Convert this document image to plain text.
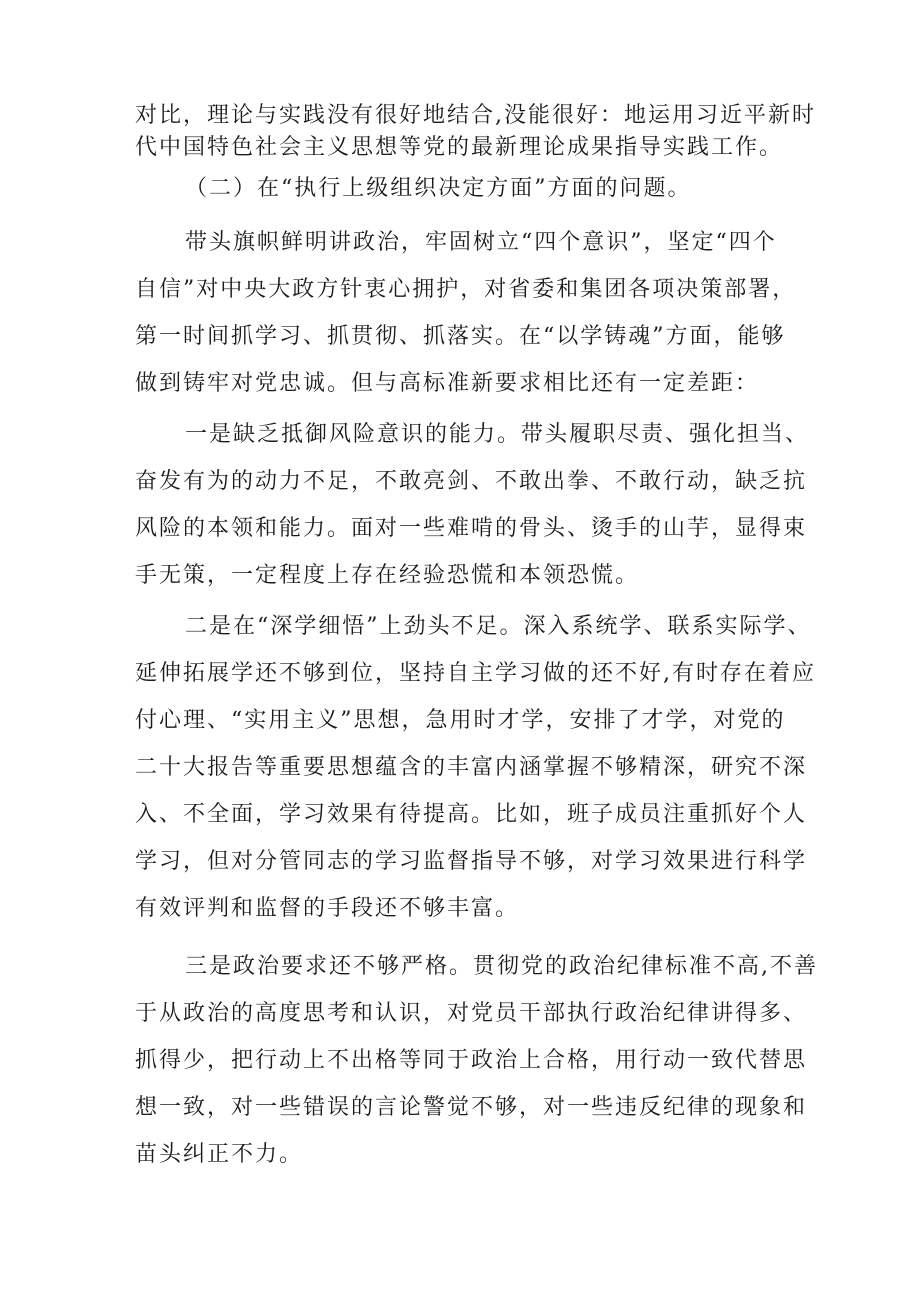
对比，理论与实践没有很好地结合,没能很好：地运用习近平新时
代中国特色社会主义思想等党的最新理论成果指导实践工作。
（二）在“执行上级组织决定方面”方面的问题。
带头旗帜鲜明讲政治，牢固树立“四个意识”，坚定“四个
自信”对中央大政方针衷心拥护，对省委和集团各项决策部署，
第一时间抓学习、抓贯彻、抓落实。在“以学铸魂”方面，能够
做到铸牢对党忠诚。但与高标准新要求相比还有一定差距：
一是缺乏抵御风险意识的能力。带头履职尽责、强化担当、
奋发有为的动力不足，不敢亮剑、不敢出拳、不敢行动，缺乏抗
风险的本领和能力。面对一些难啃的骨头、烫手的山芋，显得束
手无策，一定程度上存在经验恐慌和本领恐慌。
二是在“深学细悟”上劲头不足。深入系统学、联系实际学、
延伸拓展学还不够到位，坚持自主学习做的还不好,有时存在着应
付心理、“实用主义”思想，急用时才学，安排了才学，对党的
二十大报告等重要思想蕴含的丰富内涵掌握不够精深，研究不深
入、不全面，学习效果有待提高。比如，班子成员注重抓好个人
学习，但对分管同志的学习监督指导不够，对学习效果进行科学
有效评判和监督的手段还不够丰富。
三是政治要求还不够严格。贯彻党的政治纪律标准不高,不善
于从政治的高度思考和认识，对党员干部执行政治纪律讲得多、
抓得少，把行动上不出格等同于政治上合格，用行动一致代替思
想一致，对一些错误的言论警觉不够，对一些违反纪律的现象和
苗头纠正不力。
